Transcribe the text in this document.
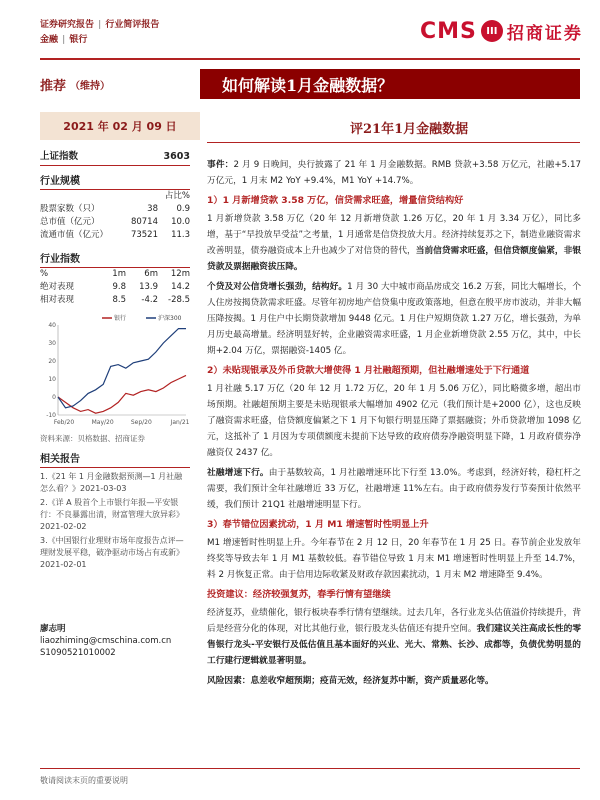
证券研究报告 | 行业简评报告
金融 | 银行	CMS III 招商证券
推荐 （维持）	如何解读1月金融数据？
2021 年 02 月 09 日	评21年1月金融数据
上证指数	3603
行业规模
占比%
股票家数（只）	38	0.9
总市值（亿元）	80714	10.0
流通市值（亿元）	73521	11.3
行业指数
%	1m	6m	12m
绝对表现	9.8	13.9	14.2
相对表现	8.5	-4.2	-28.5
-10
0
10
20
30
40
Feb/20	May/20	Sep/20	Jan/21
银行	沪深300
资料来源：贝格数据、招商证券
相关报告

1.《21 年 1 月金融数据预测—1 月社融怎么看？》2021-03-03

2.《详 A 股首个上市银行年报—平安银行：不良暴露出清，财富管理大放异彩》2021-02-02

3.《中国银行业理财市场年度报告点评—理财发展平稳，破净驱动市场占有或新》2021-02-01

廖志明
liaozhiming@cmschina.com.cn
S1090521010002

事件：2 月 9 日晚间，央行披露了 21 年 1 月金融数据。RMB 贷款+3.58 万亿元，社融+5.17 万亿元，1 月末 M2 YoY +9.4%，M1 YoY +14.7%。

1）1 月新增贷款 3.58 万亿，信贷需求旺盛，增量信贷结构好

1 月新增贷款 3.58 万亿（20 年 12 月新增贷款 1.26 万亿，20 年 1 月 3.34 万亿），同比多增，基于“早投放早受益”之考量，1 月通常是信贷投放大月。经济持续复苏之下，制造业融资需求改善明显，债券融资成本上升也减少了对信贷的替代，当前信贷需求旺盛，但信贷额度偏紧，非银贷款及票据融资拔压降。

个贷及对公信贷增长强劲，结构好。1 月 30 大中城市商品房成交 16.2 万套，同比大幅增长，个人住房按揭贷款需求旺盛。尽管年初房地产信贷集中度政策落地，但意在殷平房市波动，并非大幅压降按揭。1 月住户中长期贷款增加 9448 亿元。1 月住户短期贷款 1.27 万亿，增长强劲，为单月历史最高增量。经济明显好转，企业融资需求旺盛，1 月企业新增贷款 2.55 万亿，其中，中长期+2.04 万亿，票据融资-1405 亿。

2）未贴现银承及外币贷款大增使得 1 月社融超预期，但社融增速处于下行通道

1 月社融 5.17 万亿（20 年 12 月 1.72 万亿，20 年 1 月 5.06 万亿），同比略微多增，超出市场预期。社融超预期主要是未贴现银承大幅增加 4902 亿元（我们预计是+2000 亿），这也反映了融资需求旺盛，信贷额度偏紧之下 1 月下旬银行明显压降了票据融资；外币贷款增加 1098 亿元，这抵补了 1 月因为专项债额度未提前下达导致的政府债券净融资明显下降，1 月政府债券净融资仅 2437 亿。

社融增速下行。由于基数较高，1 月社融增速环比下行至 13.0%。考虑到，经济好转，稳杠杆之需要，我们预计全年社融增近 33 万亿，社融增速 11%左右。由于政府债券发行节奏预计依然平缓，我们预计 21Q1 社融增速明显下行。

3）春节错位因素扰动，1 月 M1 增速暂时性明显上升

M1 增速暂时性明显上升。今年春节在 2 月 12 日，20 年春节在 1 月 25 日。春节前企业发放年终奖等导致去年 1 月 M1 基数较低。春节错位导致 1 月末 M1 增速暂时性明显上升至 14.7%，料 2 月恢复正常。由于信用边际收紧及财政存款因素扰动，1 月末 M2 增速降至 9.4%。

投资建议：经济较强复苏，春季行情有望继续

经济复苏，业绩催化，银行板块春季行情有望继续。过去几年，各行业龙头估值溢价持续提升，背后是经营分化的体现，对比其他行业，银行股龙头估值还有提升空间。我们建议关注高成长性的零售银行龙头-平安银行及低估值且基本面好的兴业、光大、常熟、长沙、成都等，负债优势明显的工行建行逻辑就显著明显。

风险因素：息差收窄超预期；疫苗无效，经济复苏中断，资产质量恶化等。

敬请阅读末页的重要说明
